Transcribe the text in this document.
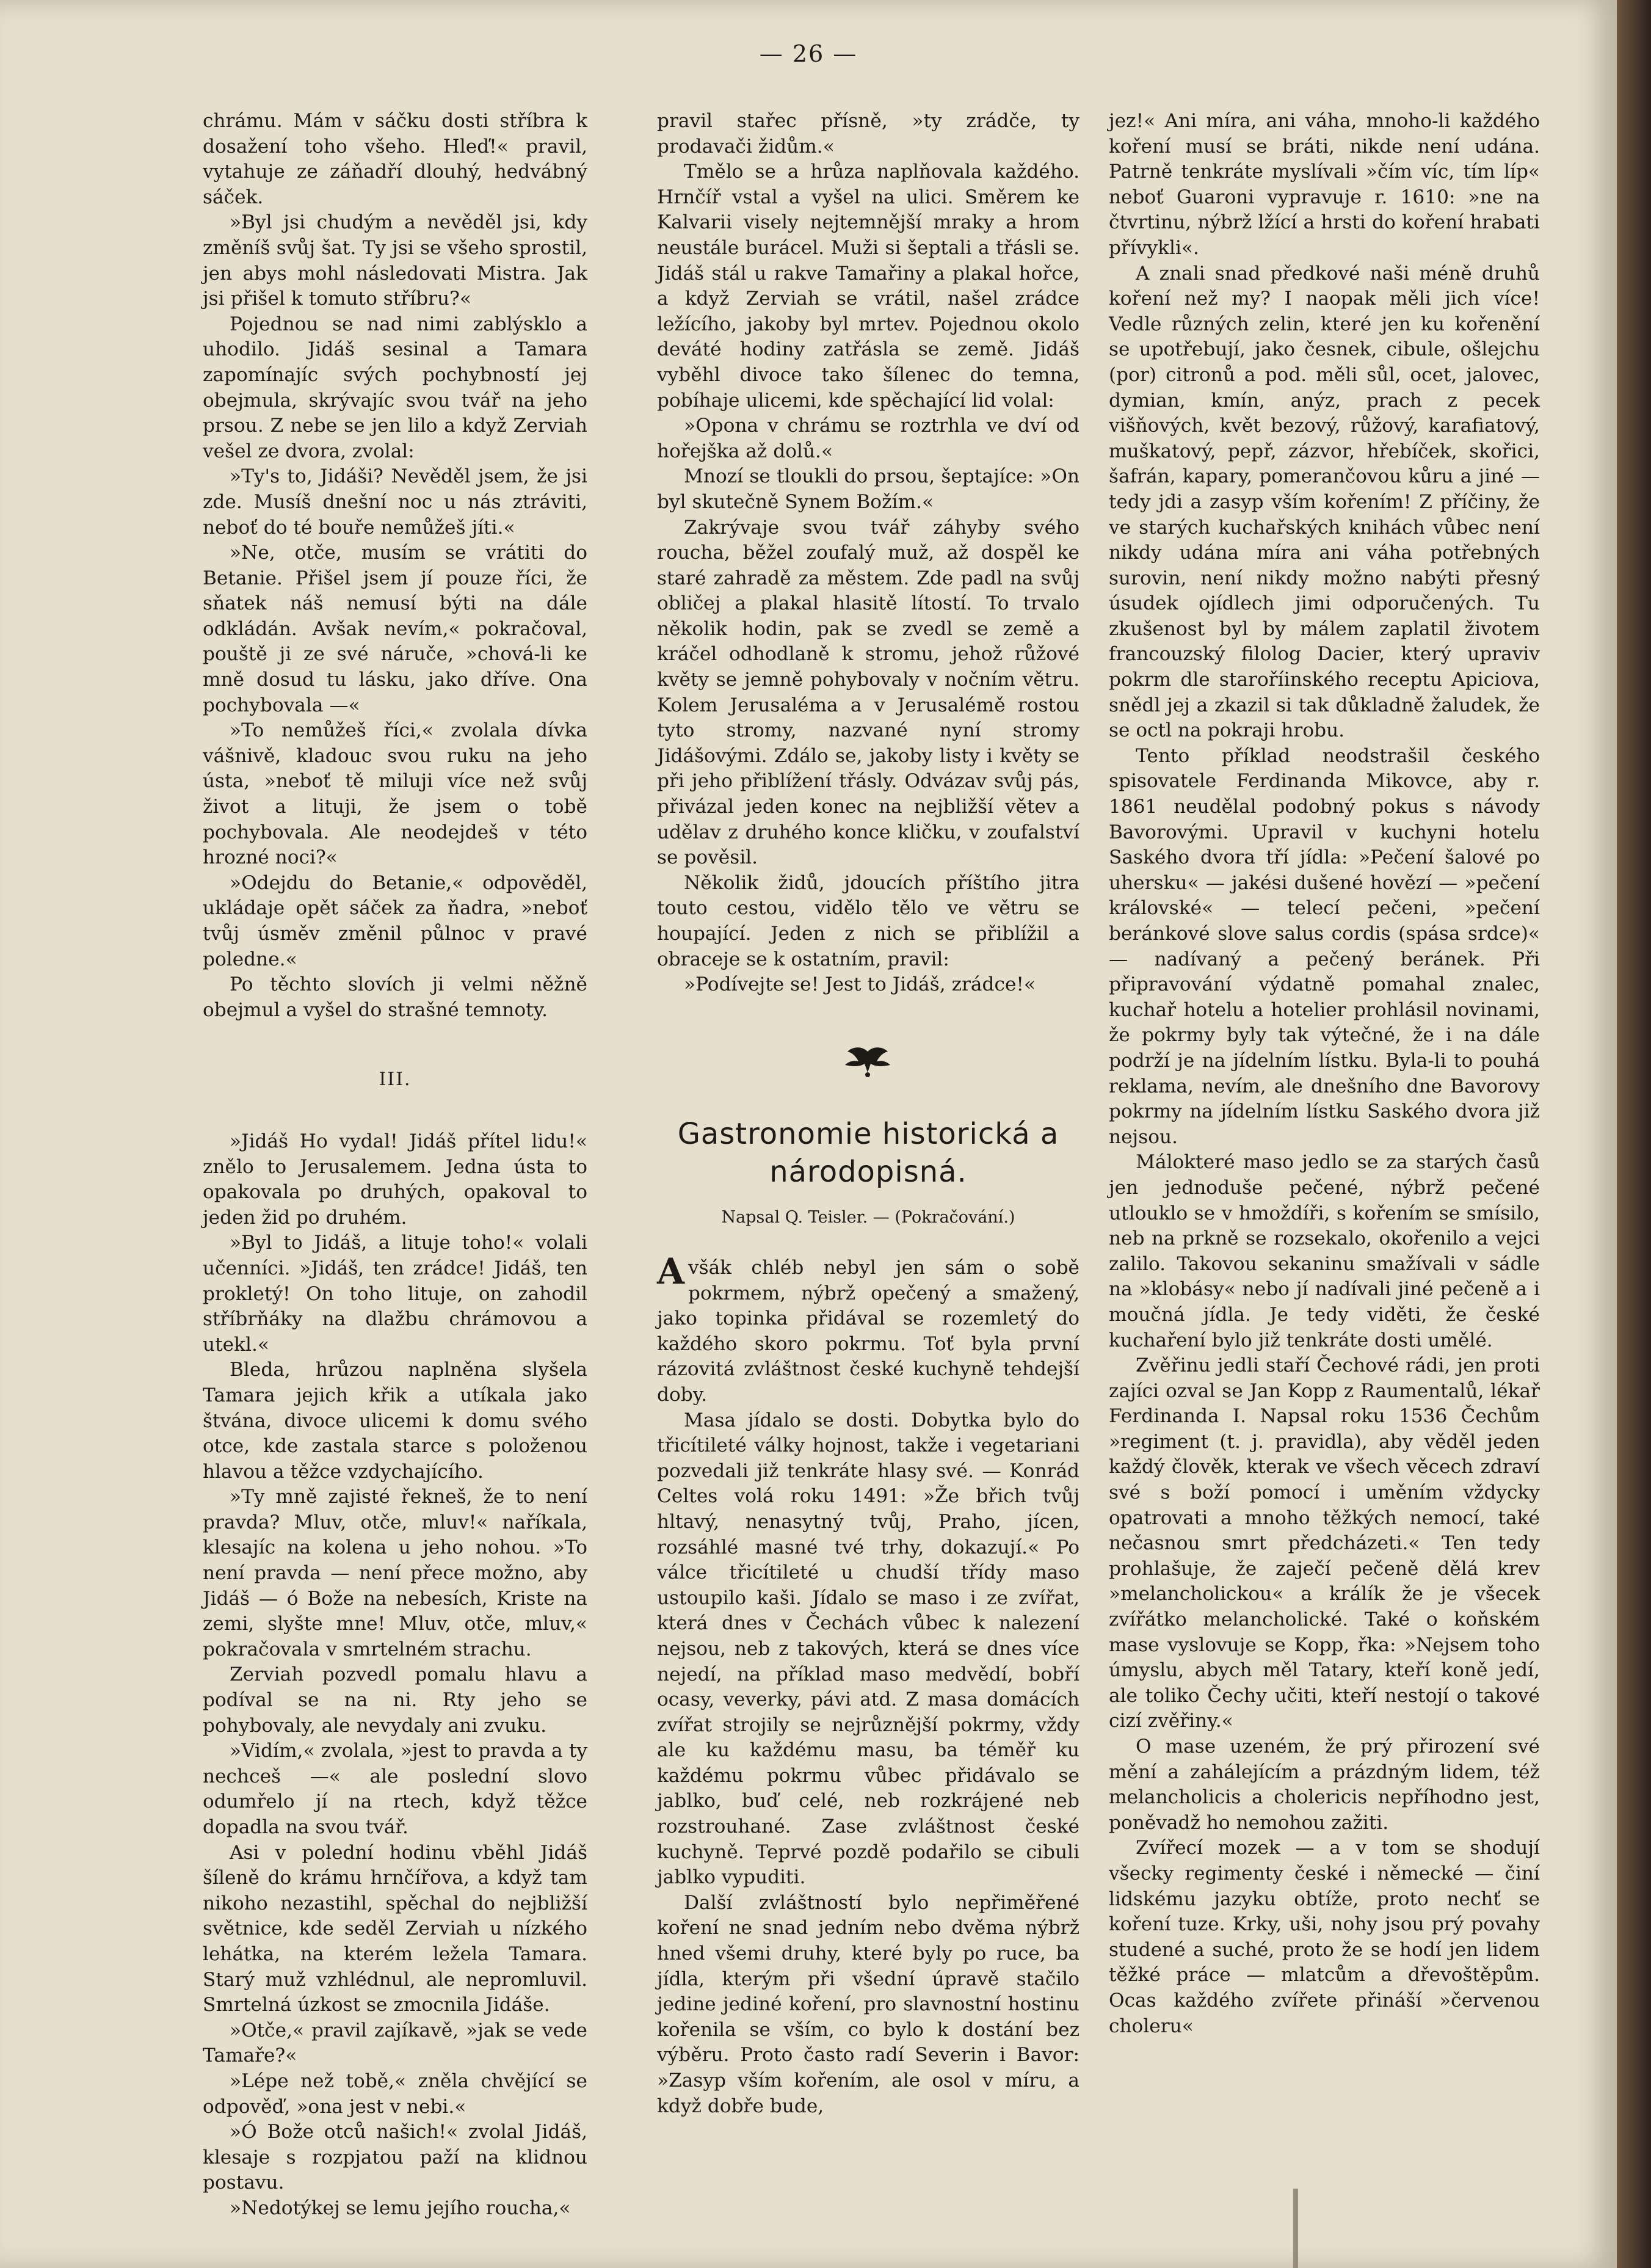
— 26 —

chrámu. Mám v sáčku dosti stříbra k dosažení toho všeho. Hleď!« pravil, vytahuje ze záňadří dlouhý, hedvábný sáček.

»Byl jsi chudým a nevěděl jsi, kdy změníš svůj šat. Ty jsi se všeho sprostil, jen abys mohl následovati Mistra. Jak jsi přišel k tomuto stříbru?«

Pojednou se nad nimi zablýsklo a uhodilo. Jidáš sesinal a Tamara zapomínajíc svých pochybností jej obejmula, skrývajíc svou tvář na jeho prsou. Z nebe se jen lilo a když Zerviah vešel ze dvora, zvolal:

»Ty's to, Jidáši? Nevěděl jsem, že jsi zde. Musíš dnešní noc u nás ztráviti, neboť do té bouře nemůžeš jíti.«

»Ne, otče, musím se vrátiti do Betanie. Přišel jsem jí pouze říci, že sňatek náš nemusí býti na dále odkládán. Avšak nevím,« pokračoval, pouště ji ze své náruče, »chová-li ke mně dosud tu lásku, jako dříve. Ona pochybovala —«

»To nemůžeš říci,« zvolala dívka vášnivě, kladouc svou ruku na jeho ústa, »neboť tě miluji více než svůj život a lituji, že jsem o tobě pochybovala. Ale neodejdeš v této hrozné noci?«

»Odejdu do Betanie,« odpověděl, ukládaje opět sáček za ňadra, »neboť tvůj úsměv změnil půlnoc v pravé poledne.«

Po těchto slovích ji velmi něžně obejmul a vyšel do strašné temnoty.

III.

»Jidáš Ho vydal! Jidáš přítel lidu!« znělo to Jerusalemem. Jedna ústa to opakovala po druhých, opakoval to jeden žid po druhém.

»Byl to Jidáš, a lituje toho!« volali učenníci. »Jidáš, ten zrádce! Jidáš, ten prokletý! On toho lituje, on zahodil stříbrňáky na dlažbu chrámovou a utekl.«

Bleda, hrůzou naplněna slyšela Tamara jejich křik a utíkala jako štvána, divoce ulicemi k domu svého otce, kde zastala starce s položenou hlavou a těžce vzdychajícího.

»Ty mně zajisté řekneš, že to není pravda? Mluv, otče, mluv!« naříkala, klesajíc na kolena u jeho nohou. »To není pravda — není přece možno, aby Jidáš — ó Bože na nebesích, Kriste na zemi, slyšte mne! Mluv, otče, mluv,« pokračovala v smrtelném strachu.

Zerviah pozvedl pomalu hlavu a podíval se na ni. Rty jeho se pohybovaly, ale nevydaly ani zvuku.

»Vidím,« zvolala, »jest to pravda a ty nechceš —« ale poslední slovo odumřelo jí na rtech, když těžce dopadla na svou tvář.

Asi v polední hodinu vběhl Jidáš šíleně do krámu hrnčířova, a když tam nikoho nezastihl, spěchal do nejbližší světnice, kde seděl Zerviah u nízkého lehátka, na kterém ležela Tamara. Starý muž vzhlédnul, ale nepromluvil. Smrtelná úzkost se zmocnila Jidáše.

»Otče,« pravil zajíkavě, »jak se vede Tamaře?«

»Lépe než tobě,« zněla chvějící se odpověď, »ona jest v nebi.«

»Ó Bože otců našich!« zvolal Jidáš, klesaje s rozpjatou paží na klidnou postavu.

»Nedotýkej se lemu jejího roucha,«

pravil stařec přísně, »ty zrádče, ty prodavači židům.«

Tmělo se a hrůza naplňovala každého. Hrnčíř vstal a vyšel na ulici. Směrem ke Kalvarii visely nejtemnější mraky a hrom neustále burácel. Muži si šeptali a třásli se. Jidáš stál u rakve Tamařiny a plakal hořce, a když Zerviah se vrátil, našel zrádce ležícího, jakoby byl mrtev. Pojednou okolo deváté hodiny zatřásla se země. Jidáš vyběhl divoce tako šílenec do temna, pobíhaje ulicemi, kde spěchající lid volal:

»Opona v chrámu se roztrhla ve dví od hořejška až dolů.«

Mnozí se tloukli do prsou, šeptajíce: »On byl skutečně Synem Božím.«

Zakrývaje svou tvář záhyby svého roucha, běžel zoufalý muž, až dospěl ke staré zahradě za městem. Zde padl na svůj obličej a plakal hlasitě lítostí. To trvalo několik hodin, pak se zvedl se země a kráčel odhodlaně k stromu, jehož růžové květy se jemně pohybovaly v nočním větru. Kolem Jerusaléma a v Jerusalémě rostou tyto stromy, nazvané nyní stromy Jidášovými. Zdálo se, jakoby listy i květy se při jeho přiblížení třásly. Odvázav svůj pás, přivázal jeden konec na nejbližší větev a udělav z druhého konce kličku, v zoufalství se pověsil.

Několik židů, jdoucích příštího jitra touto cestou, vidělo tělo ve větru se houpající. Jeden z nich se přiblížil a obraceje se k ostatním, pravil:

»Podívejte se! Jest to Jidáš, zrádce!«

Gastronomie historická a národopisná.
Napsal Q. Teisler. — (Pokračování.)

Avšák chléb nebyl jen sám o sobě pokrmem, nýbrž opečený a smažený, jako topinka přidával se rozemletý do každého skoro pokrmu. Toť byla první rázovitá zvláštnost české kuchyně tehdejší doby.

Masa jídalo se dosti. Dobytka bylo do třicítileté války hojnost, takže i vegetariani pozvedali již tenkráte hlasy své. — Konrád Celtes volá roku 1491: »Že břich tvůj hltavý, nenasytný tvůj, Praho, jícen, rozsáhlé masné tvé trhy, dokazují.« Po válce třicítileté u chudší třídy maso ustoupilo kaši. Jídalo se maso i ze zvířat, která dnes v Čechách vůbec k nalezení nejsou, neb z takových, která se dnes více nejedí, na příklad maso medvědí, bobří ocasy, veverky, pávi atd. Z masa domácích zvířat strojily se nejrůznější pokrmy, vždy ale ku každému masu, ba téměř ku každému pokrmu vůbec přidávalo se jablko, buď celé, neb rozkrájené neb rozstrouhané. Zase zvláštnost české kuchyně. Teprvé pozdě podařilo se cibuli jablko vypuditi.

Další zvláštností bylo nepřiměřené koření ne snad jedním nebo dvěma nýbrž hned všemi druhy, které byly po ruce, ba jídla, kterým při všední úpravě stačilo jedine jediné koření, pro slavnostní hostinu kořenila se vším, co bylo k dostání bez výběru. Proto často radí Severin i Bavor: »Zasyp vším kořením, ale osol v míru, a když dobře bude,

jez!« Ani míra, ani váha, mnoho-li každého koření musí se bráti, nikde není udána. Patrně tenkráte myslívali »čím víc, tím líp« neboť Guaroni vypravuje r. 1610: »ne na čtvrtinu, nýbrž lžící a hrsti do koření hrabati přívykli«.

A znali snad předkové naši méně druhů koření než my? I naopak měli jich více! Vedle různých zelin, které jen ku kořenění se upotřebují, jako česnek, cibule, ošlejchu (por) citronů a pod. měli sůl, ocet, jalovec, dymian, kmín, anýz, prach z pecek višňových, květ bezový, růžový, karafiatový, muškatový, pepř, zázvor, hřebíček, skořici, šafrán, kapary, pomerančovou kůru a jiné — tedy jdi a zasyp vším kořením! Z příčiny, že ve starých kuchařských knihách vůbec není nikdy udána míra ani váha potřebných surovin, není nikdy možno nabýti přesný úsudek ojídlech jimi odporučených. Tu zkušenost byl by málem zaplatil životem francouzský filolog Dacier, který upraviv pokrm dle staroříinského receptu Apiciova, snědl jej a zkazil si tak důkladně žaludek, že se octl na pokraji hrobu.

Tento příklad neodstrašil českého spisovatele Ferdinanda Mikovce, aby r. 1861 neudělal podobný pokus s návody Bavorovými. Upravil v kuchyni hotelu Saského dvora tří jídla: »Pečení šalové po uhersku« — jakési dušené hovězí — »pečení královské« — telecí pečeni, »pečení beránkové slove salus cordis (spása srdce)« — nadívaný a pečený beránek. Při připravování výdatně pomahal znalec, kuchař hotelu a hotelier prohlásil novinami, že pokrmy byly tak výtečné, že i na dále podrží je na jídelním lístku. Byla-li to pouhá reklama, nevím, ale dnešního dne Bavorovy pokrmy na jídelním lístku Saského dvora již nejsou.

Málokteré maso jedlo se za starých časů jen jednoduše pečené, nýbrž pečené utlouklo se v hmoždíři, s kořením se smísilo, neb na prkně se rozsekalo, okořenilo a vejci zalilo. Takovou sekaninu smažívali v sádle na »klobásy« nebo jí nadívali jiné pečeně a i moučná jídla. Je tedy viděti, že české kuchaření bylo již tenkráte dosti umělé.

Zvěřinu jedli staří Čechové rádi, jen proti zajíci ozval se Jan Kopp z Raumentalů, lékař Ferdinanda I. Napsal roku 1536 Čechům »regiment (t. j. pravidla), aby věděl jeden každý člověk, kterak ve všech věcech zdraví své s boží pomocí i uměním vždycky opatrovati a mnoho těžkých nemocí, také nečasnou smrt předcházeti.« Ten tedy prohlašuje, že zaječí pečeně dělá krev »melancholickou« a králík že je všecek zvířátko melancholické. Také o koňském mase vyslovuje se Kopp, řka: »Nejsem toho úmyslu, abych měl Tatary, kteří koně jedí, ale toliko Čechy učiti, kteří nestojí o takové cizí zvěřiny.«

O mase uzeném, že prý přirození své mění a zahálejícím a prázdným lidem, též melancholicis a cholericis nepříhodno jest, poněvadž ho nemohou zažiti.

Zvířecí mozek — a v tom se shodují všecky regimenty české i německé — činí lidskému jazyku obtíže, proto nechť se koření tuze. Krky, uši, nohy jsou prý povahy studené a suché, proto že se hodí jen lidem těžké práce — mlatcům a dřevoštěpům. Ocas každého zvířete přináší »červenou choleru«
